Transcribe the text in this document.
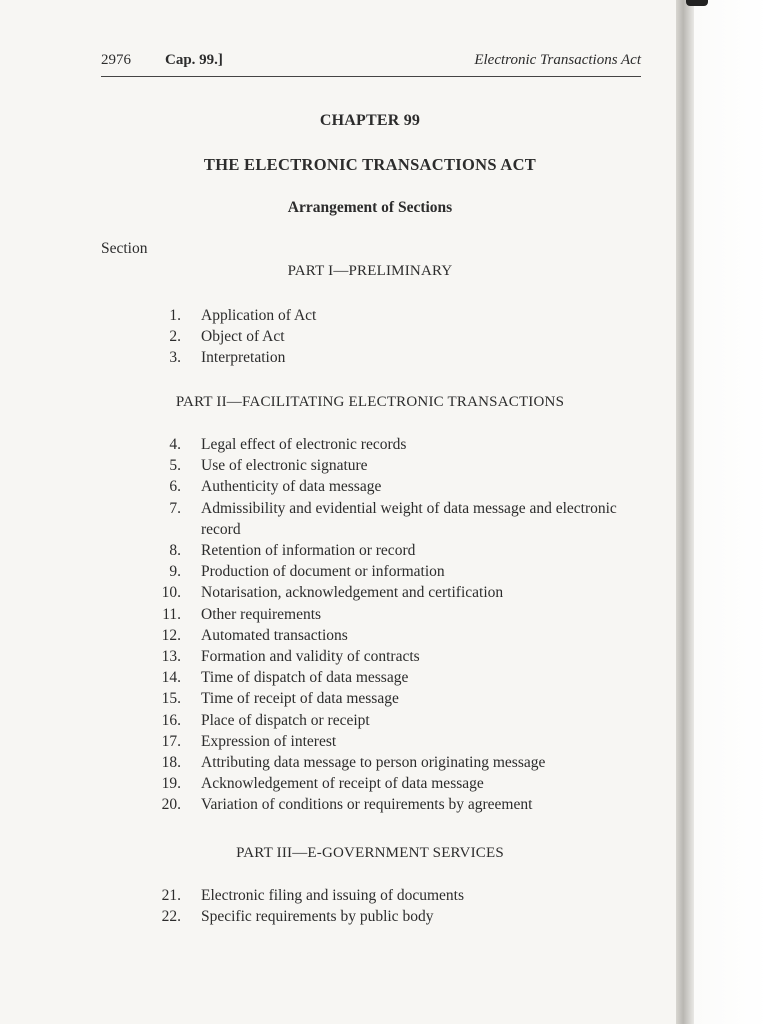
2976 Cap. 99.]	Electronic Transactions Act
CHAPTER 99
THE ELECTRONIC TRANSACTIONS ACT
Arrangement of Sections
Section
PART I—PRELIMINARY
1. Application of Act
2. Object of Act
3. Interpretation
PART II—FACILITATING ELECTRONIC TRANSACTIONS
4. Legal effect of electronic records
5. Use of electronic signature
6. Authenticity of data message
7. Admissibility and evidential weight of data message and electronic record
8. Retention of information or record
9. Production of document or information
10. Notarisation, acknowledgement and certification
11. Other requirements
12. Automated transactions
13. Formation and validity of contracts
14. Time of dispatch of data message
15. Time of receipt of data message
16. Place of dispatch or receipt
17. Expression of interest
18. Attributing data message to person originating message
19. Acknowledgement of receipt of data message
20. Variation of conditions or requirements by agreement
PART III—E-GOVERNMENT SERVICES
21. Electronic filing and issuing of documents
22. Specific requirements by public body
